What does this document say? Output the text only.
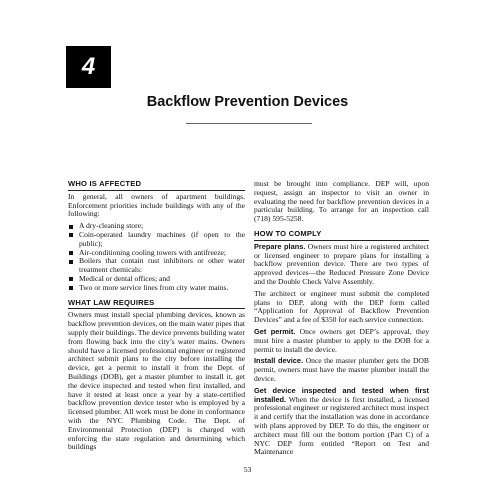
4
Backflow Prevention Devices
WHO IS AFFECTED

In general, all owners of apartment buildings. Enforcement priorities include buildings with any of the following:

A dry-cleaning store;
Coin-operated laundry machines (if open to the public);
Air-conditioning cooling towers with antifreeze;
Boilers that contain rust inhibitors or other water treatment chemicals:
Medical or dental offices; and
Two or more service lines from city water mains.
WHAT LAW REQUIRES

Owners must install special plumbing devices, known as backflow prevention devices, on the main water pipes that supply their buildings. The device prevents building water from flowing back into the city’s water mains. Owners should have a licensed professional engineer or registered architect submit plans to the city before installing the device, get a permit to install it from the Dept. of Buildings (DOB), get a master plumber to install it, get the device inspected and tested when first installed, and have it tested at least once a year by a state-certified backflow prevention device tester who is employed by a licensed plumber. All work must be done in conformance with the NYC Plumbing Code. The Dept. of Environmental Protection (DEP) is charged with enforcing the state regulation and determining which buildings

must be brought into compliance. DEP will, upon request, assign an inspector to visit an owner in evaluating the need for backflow prevention devices in a particular building. To arrange for an inspection call (718) 595-5258.

HOW TO COMPLY

Prepare plans. Owners must hire a registered architect or licensed engineer to prepare plans for installing a backflow prevention device. There are two types of approved devices—the Reduced Pressure Zone Device and the Double Check Valve Assembly.

The architect or engineer must submit the completed plans to DEP, along with the DEP form called “Application for Approval of Backflow Prevention Devices” and a fee of $350 for each service connection.

Get permit. Once owners get DEP’s approval, they must hire a master plumber to apply to the DOB for a permit to install the device.

Install device. Once the master plumber gets the DOB permit, owners must have the master plumber install the device.

Get device inspected and tested when first installed. When the device is first installed, a licensed professional engineer or registered architect must inspect it and certify that the installation was done in accordance with plans approved by DEP. To do this, the engineer or architect must fill out the bottom portion (Part C) of a NYC DEP form entitled “Report on Test and Maintenance

53
